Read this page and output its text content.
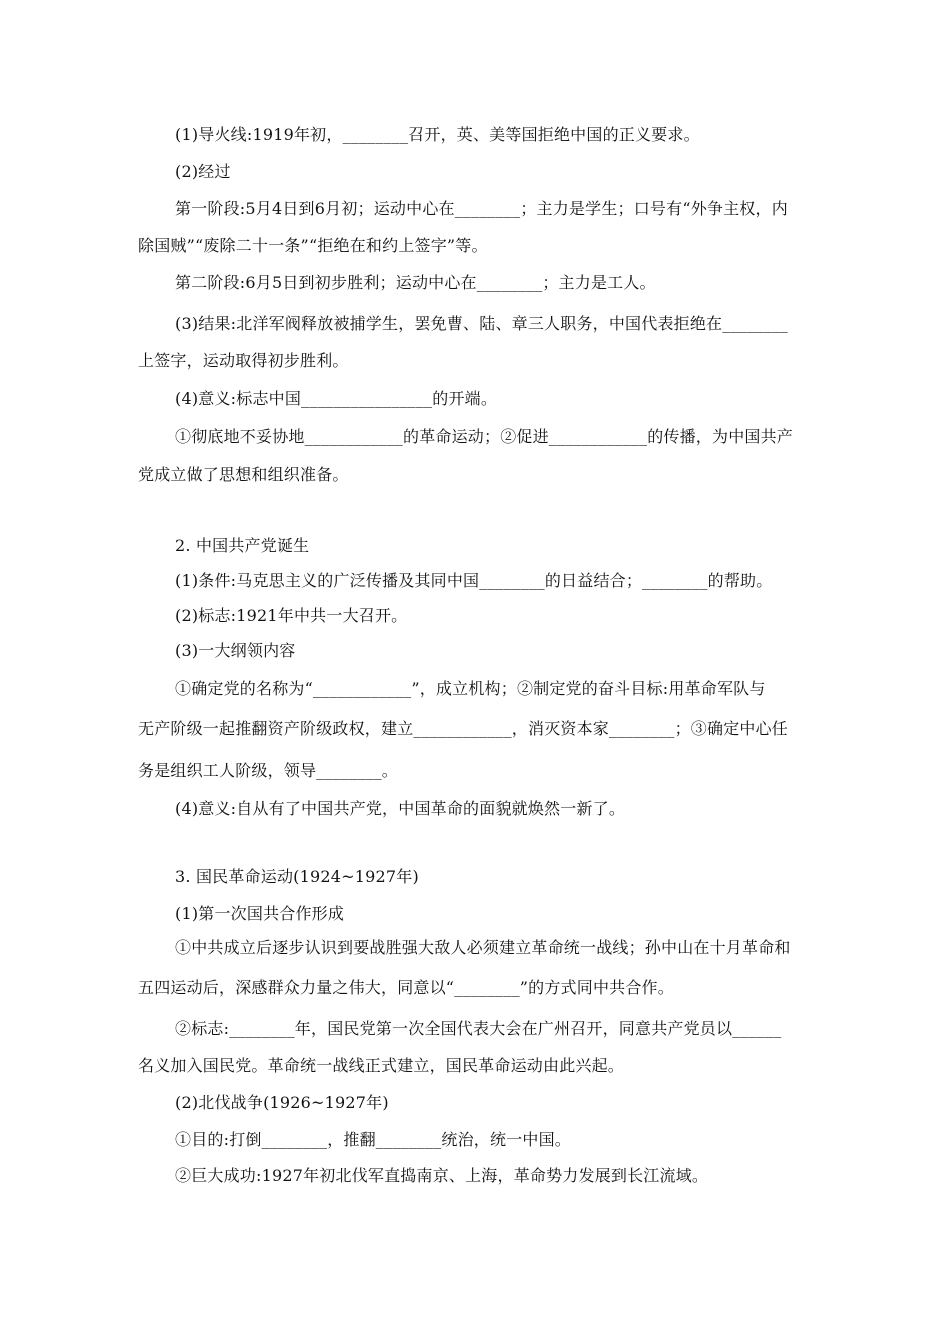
(1)导火线:1919年初，________召开，英、美等国拒绝中国的正义要求。
(2)经过
第一阶段:5月4日到6月初；运动中心在________；主力是学生；口号有“外争主权，内
除国贼”“废除二十一条”“拒绝在和约上签字”等。
第二阶段:6月5日到初步胜利；运动中心在________；主力是工人。
(3)结果:北洋军阀释放被捕学生，罢免曹、陆、章三人职务，中国代表拒绝在________
上签字，运动取得初步胜利。
(4)意义:标志中国________________的开端。
①彻底地不妥协地____________的革命运动；②促进____________的传播，为中国共产
党成立做了思想和组织准备。
2. 中国共产党诞生
(1)条件:马克思主义的广泛传播及其同中国________的日益结合；________的帮助。
(2)标志:1921年中共一大召开。
(3)一大纲领内容
①确定党的名称为“____________”，成立机构；②制定党的奋斗目标:用革命军队与
无产阶级一起推翻资产阶级政权，建立____________，消灭资本家________；③确定中心任
务是组织工人阶级，领导________。
(4)意义:自从有了中国共产党，中国革命的面貌就焕然一新了。
3. 国民革命运动(1924~1927年)
(1)第一次国共合作形成
①中共成立后逐步认识到要战胜强大敌人必须建立革命统一战线；孙中山在十月革命和
五四运动后，深感群众力量之伟大，同意以“________”的方式同中共合作。
②标志:________年，国民党第一次全国代表大会在广州召开，同意共产党员以______
名义加入国民党。革命统一战线正式建立，国民革命运动由此兴起。
(2)北伐战争(1926~1927年)
①目的:打倒________，推翻________统治，统一中国。
②巨大成功:1927年初北伐军直捣南京、上海，革命势力发展到长江流域。
